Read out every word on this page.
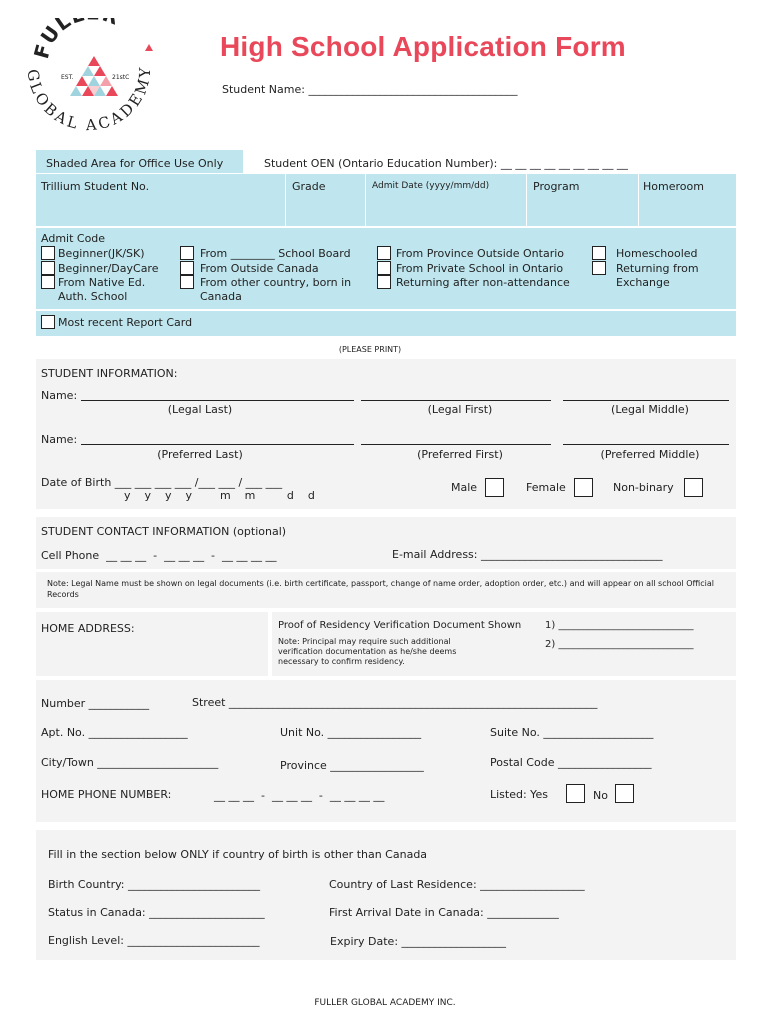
FUL
GLOBAL ACADEMY
EST.	21stC
High School Application Form
Student Name: ______________________________________
Shaded Area for Office Use Only	Student OEN (Ontario Education Number): __ __ __ __ __ __ __ __ __
Trillium Student No.	Grade	Admit Date (yyyy/mm/dd)	Program	Homeroom
Admit Code
Beginner(JK/SK)
Beginner/DayCare
From Native Ed. Auth. School
From ________ School Board
From Outside Canada
From other country, born in Canada
From Province Outside Ontario
From Private School in Ontario
Returning after non-attendance
Homeschooled
Returning from Exchange
Most recent Report Card
(PLEASE PRINT)
STUDENT INFORMATION:
Name:
(Legal Last)	(Legal First)	(Legal Middle)
Name:
(Preferred Last)	(Preferred First)	(Preferred Middle)
Date of Birth ___ ___ ___ ___ /___ ___ / ___ ___
y    y    y    y        m    m         d    d
Male	Female	Non-binary
STUDENT CONTACT INFORMATION (optional)
Cell Phone  __ __ __  -  __ __ __  -  __ __ __ __	E-mail Address: _________________________________
Note: Legal Name must be shown on legal documents (i.e. birth certificate, passport, change of name order, adoption order, etc.) and will appear on all school Official Records
HOME ADDRESS:	Proof of Residency Verification Document Shown 1) ___________________________
2) ___________________________
Note: Principal may require such additional verification documentation as he/she deems necessary to confirm residency.
Number ___________	Street ___________________________________________________________________
Apt. No. __________________	Unit No. _________________	Suite No. ____________________
City/Town ______________________	Province _________________	Postal Code _________________
HOME PHONE NUMBER:	__ __ __  -  __ __ __  -  __ __ __ __	Listed: Yes	No
Fill in the section below ONLY if country of birth is other than Canada
Birth Country: ________________________	Country of Last Residence: ___________________
Status in Canada: _____________________	First Arrival Date in Canada: _____________
English Level: ________________________	Expiry Date: ___________________
FULLER GLOBAL ACADEMY INC.
